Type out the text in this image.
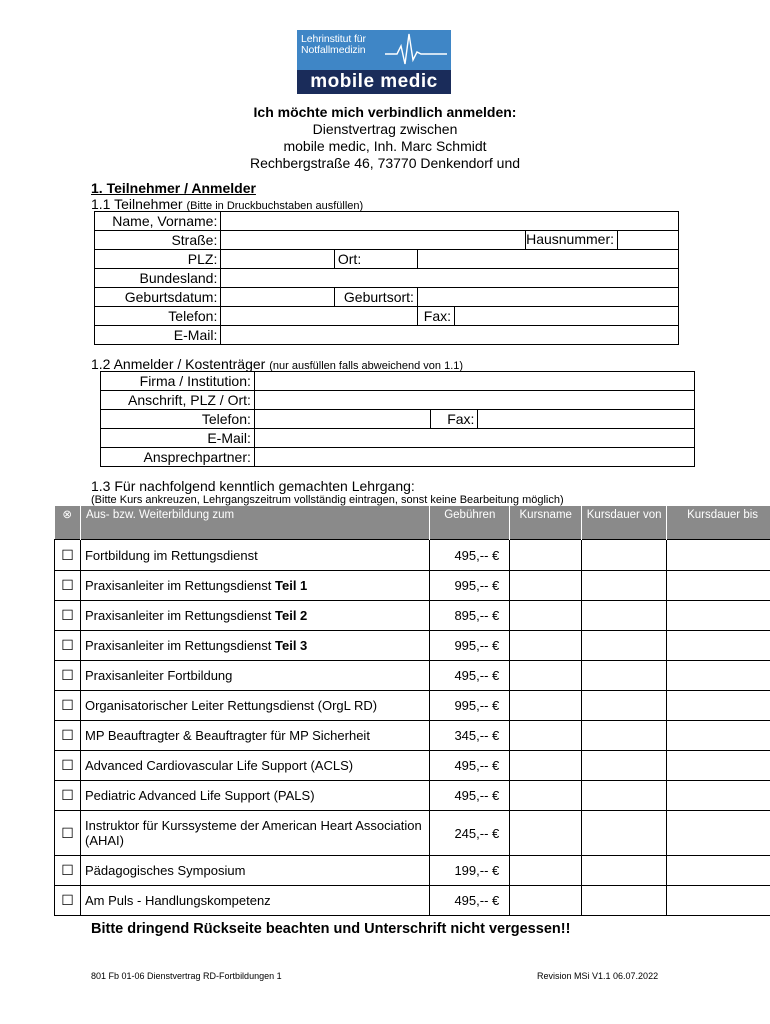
Lehrinstitut für
Notfallmedizin
mobile medic
Ich möchte mich verbindlich anmelden:
Dienstvertrag zwischen
mobile medic, Inh. Marc Schmidt
Rechbergstraße 46, 73770 Denkendorf und
1. Teilnehmer / Anmelder
1.1 Teilnehmer (Bitte in Druckbuchstaben ausfüllen)
Name, Vorname:					
Straße:					Hausnummer:

PLZ:		Ort:			
Bundesland:					
Geburtsdatum:		Geburtsort:			
Telefon:			Fax:		
E-Mail:					
1.2 Anmelder / Kostenträger (nur ausfüllen falls abweichend von 1.1)
Firma / Institution:			
Anschrift, PLZ / Ort:			
Telefon:		Fax:	
E-Mail:			
Ansprechpartner:			
1.3 Für nachfolgend kenntlich gemachten Lehrgang:
(Bitte Kurs ankreuzen, Lehrgangszeitrum vollständig eintragen, sonst keine Bearbeitung möglich)
⊗	Aus- bzw. Weiterbildung zum	Gebühren	Kursname	Kursdauer von	Kursdauer bis
☐	Fortbildung im Rettungsdienst	495,-- €			
☐	Praxisanleiter im Rettungsdienst Teil 1	995,-- €			
☐	Praxisanleiter im Rettungsdienst Teil 2	895,-- €			
☐	Praxisanleiter im Rettungsdienst Teil 3	995,-- €			
☐	Praxisanleiter Fortbildung	495,-- €			
☐	Organisatorischer Leiter Rettungsdienst (OrgL RD)	995,-- €			
☐	MP Beauftragter & Beauftragter für MP Sicherheit	345,-- €			
☐	Advanced Cardiovascular Life Support (ACLS)	495,-- €			
☐	Pediatric Advanced Life Support (PALS)	495,-- €			
☐	Instruktor für Kurssysteme der American Heart Association (AHAI)	245,-- €			
☐	Pädagogisches Symposium	199,-- €			
☐	Am Puls - Handlungskompetenz	495,-- €			
Bitte dringend Rückseite beachten und Unterschrift nicht vergessen!!
801 Fb 01-06 Dienstvertrag RD-Fortbildungen 1	Revision MSi V1.1 06.07.2022
